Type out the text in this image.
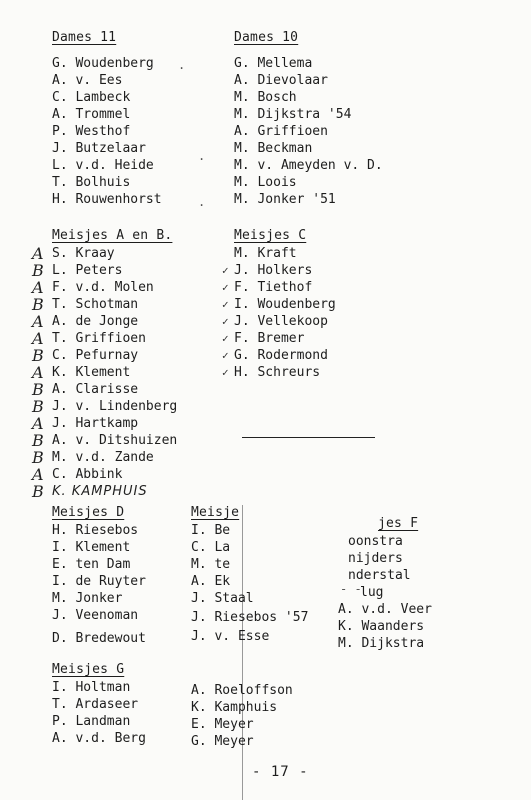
Dames 11
G. Woudenberg
A. v. Ees
C. Lambeck
A. Trommel
P. Westhof
J. Butzelaar
L. v.d. Heide
T. Bolhuis
H. Rouwenhorst
.
.
.
Dames 10
G. Mellema
A. Dievolaar
M. Bosch
M. Dijkstra '54
A. Griffioen
M. Beckman
M. v. Ameyden v. D.
M. Loois
M. Jonker '51
Meisjes A en B.
A S. Kraay
B L. Peters
A F. v.d. Molen
B T. Schotman
A A. de Jonge
A T. Griffioen
B C. Pefurnay
A K. Klement
B A. Clarisse
B J. v. Lindenberg
A J. Hartkamp
B A. v. Ditshuizen
B M. v.d. Zande
A C. Abbink
B K. KAMPHUIS
Meisjes C
M. Kraft
✓ J. Holkers
✓ F. Tiethof
✓ I. Woudenberg
✓ J. Vellekoop
✓ F. Bremer
✓ G. Rodermond
✓ H. Schreurs
Meisjes D
H. Riesebos
I. Klement
E. ten Dam
I. de Ruyter
M. Jonker
J. Veenoman
D. Bredewout
Meisje
I. Be
C. La
M. te
A. Ek
J. Staal
J. Riesebos '57
J. v. Esse
jes F
oonstra
nijders
nderstal
lug
- -
A. v.d. Veer
K. Waanders
M. Dijkstra
Meisjes G
I. Holtman
T. Ardaseer
P. Landman
A. v.d. Berg
A. Roeloffson
K. Kamphuis
E. Meyer
G. Meyer
- 17 -
